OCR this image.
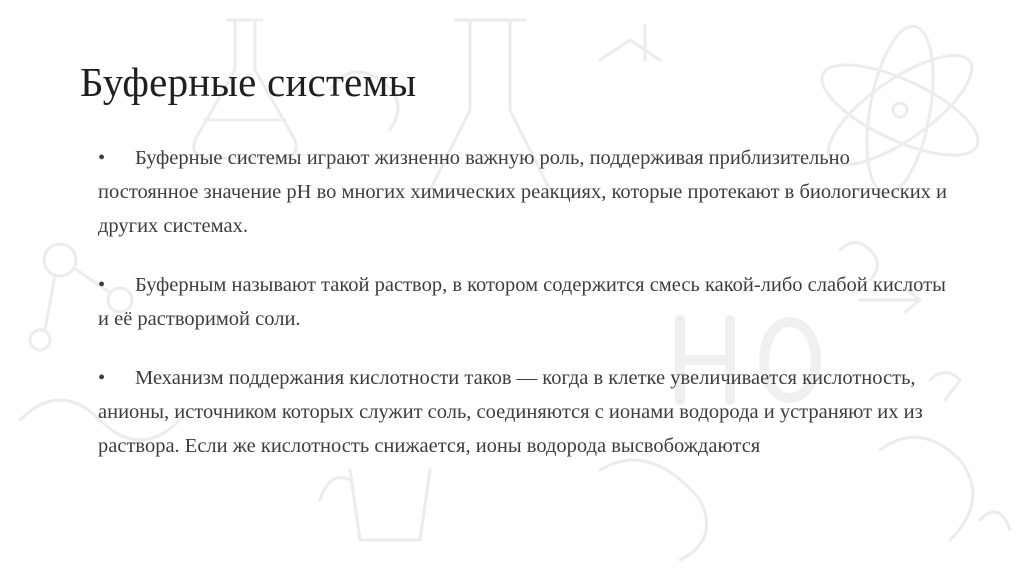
Буферные системы

• Буферные системы играют жизненно важную роль, поддерживая приблизительно постоянное значение pH во многих химических реакциях, которые протекают в биологических и других системах.

• Буферным называют такой раствор, в котором содержится смесь какой-либо слабой кислоты и её растворимой соли.

• Механизм поддержания кислотности таков — когда в клетке увеличивается кислотность, анионы, источником которых служит соль, соединяются с ионами водорода и устраняют их из раствора. Если же кислотность снижается, ионы водорода высвобождаются
